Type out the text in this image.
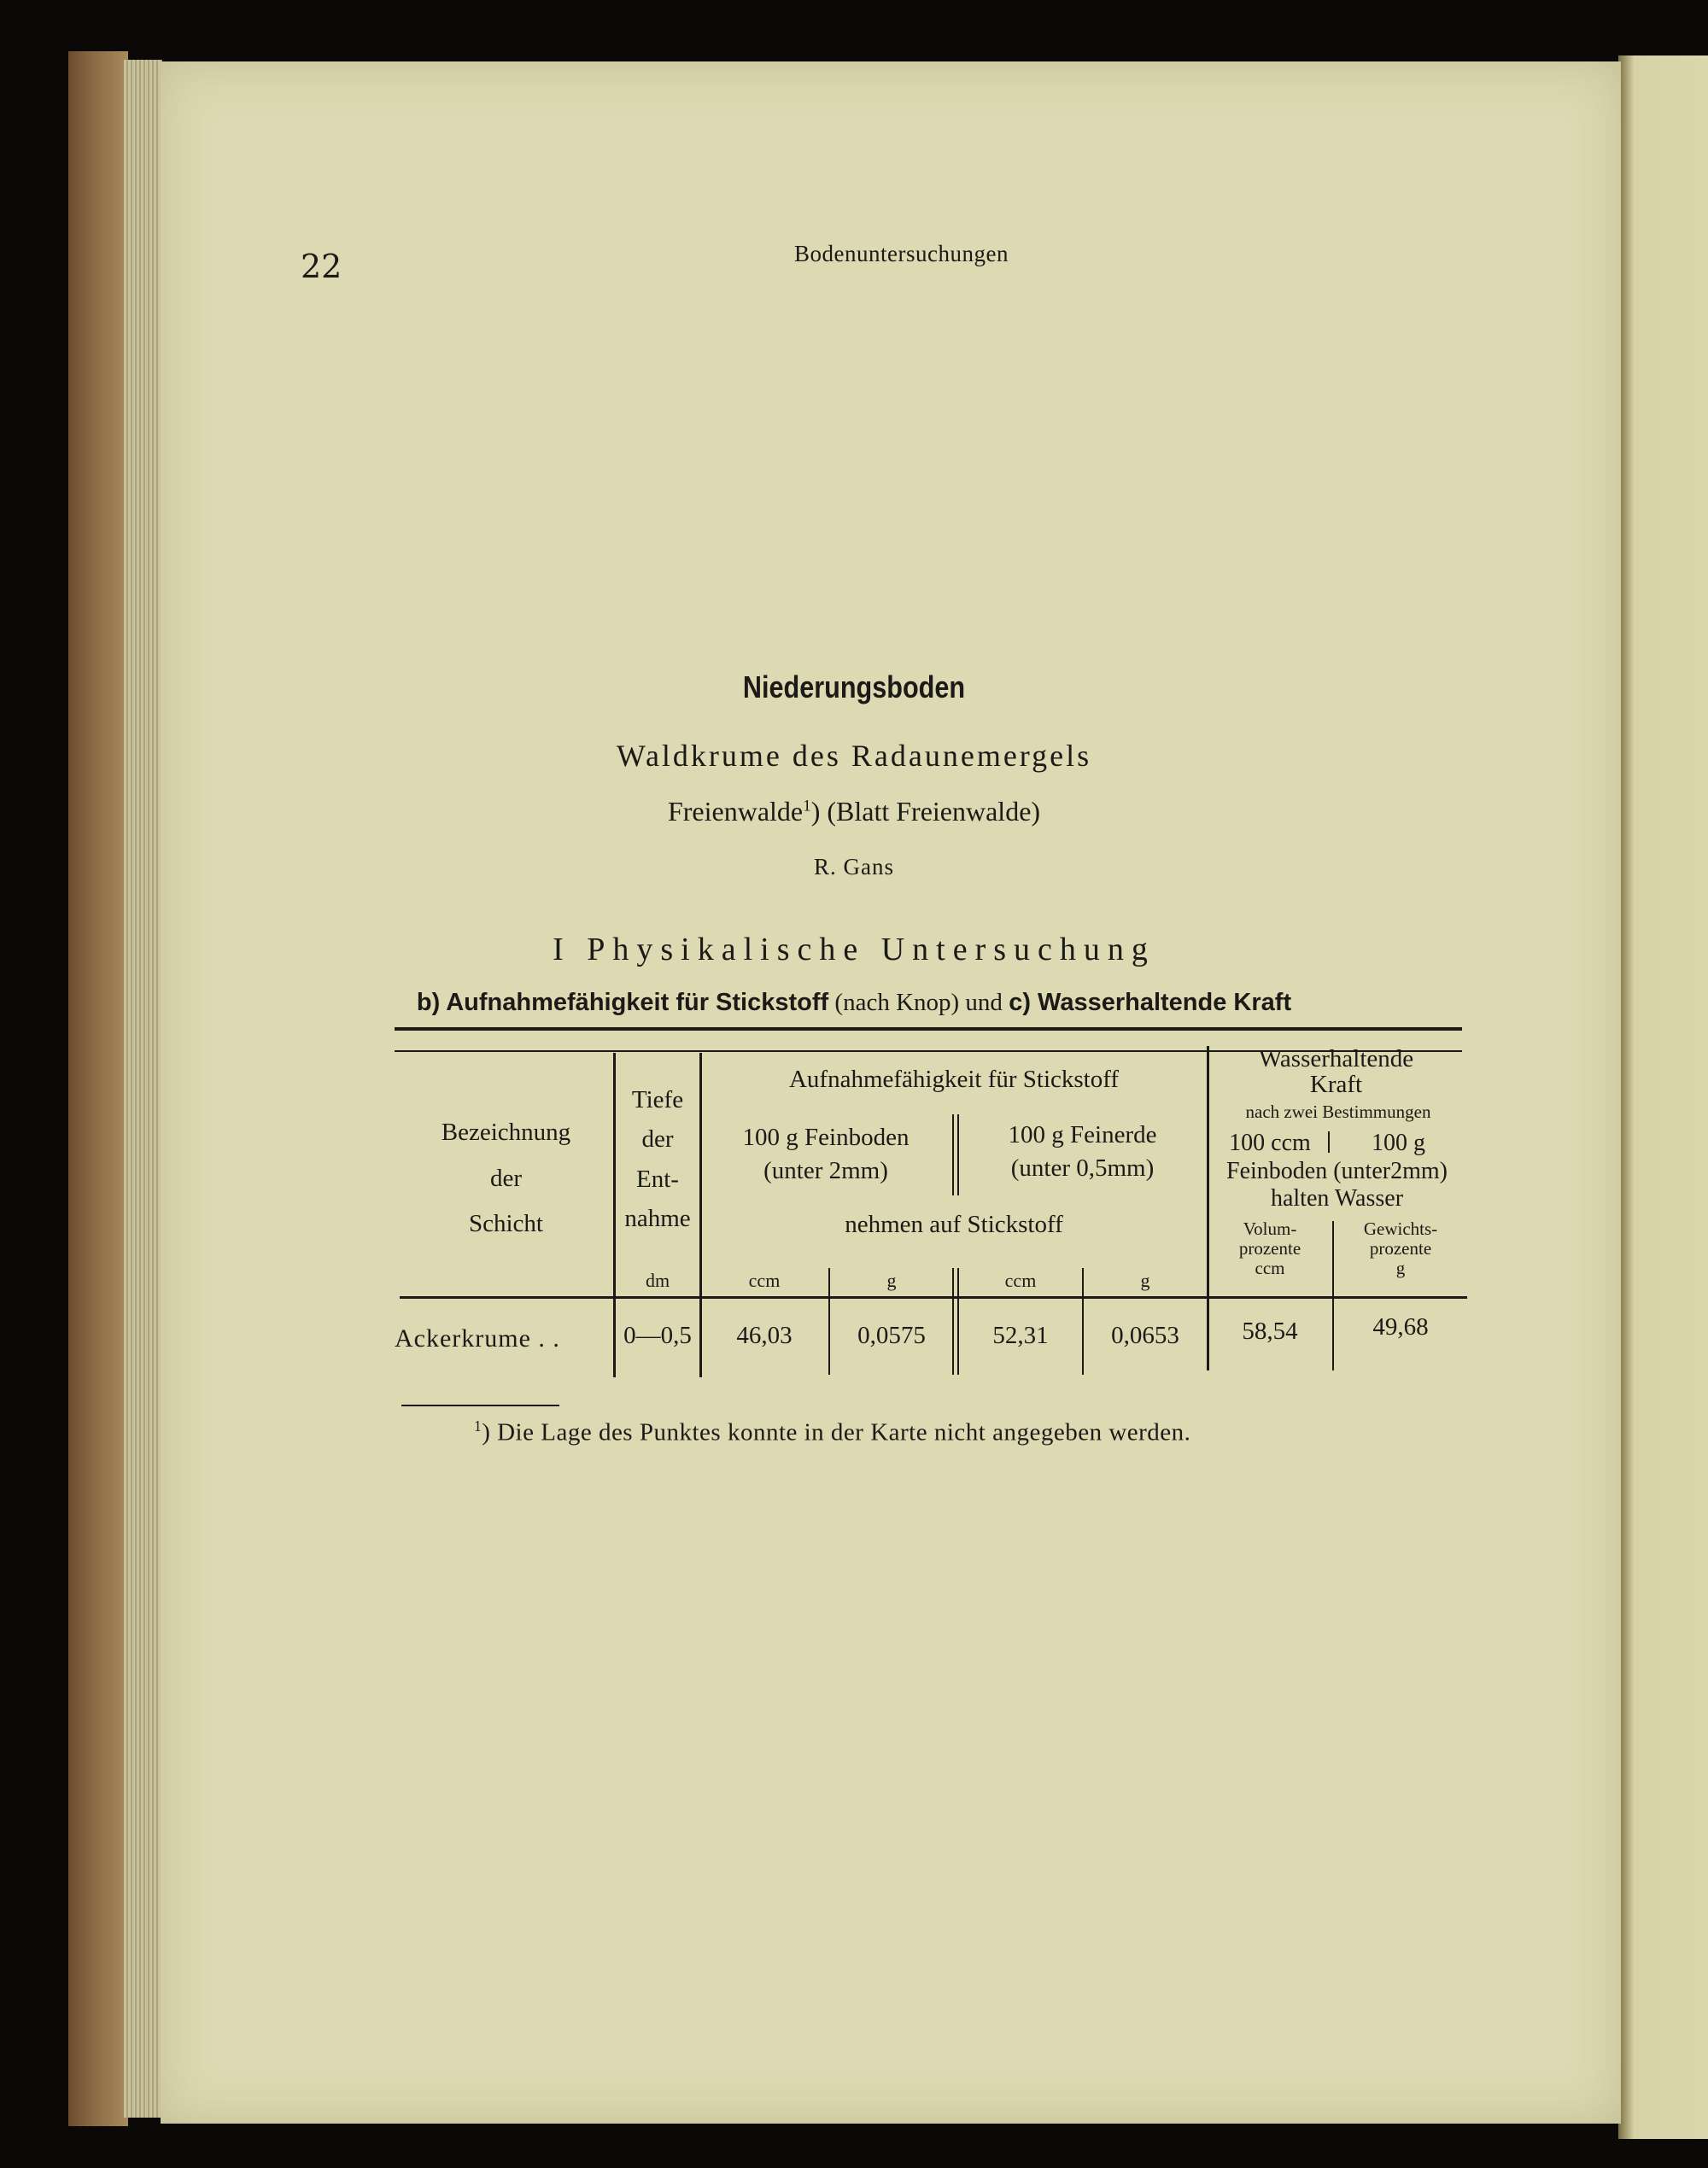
22	Bodenuntersuchungen
Niederungsboden
Waldkrume des Radaunemergels
Freienwalde$^1$) (Blatt Freienwalde)
R. Gans
I Physikalische Untersuchung
b) Aufnahmefähigkeit für Stickstoff (nach Knop) und c) Wasserhaltende Kraft
Bezeichnung
der
Schicht
Tiefe
der
Ent-
nahme
dm
Aufnahmefähigkeit für Stickstoff
100 g Feinboden
(unter 2mm)
100 g Feinerde
(unter 0,5mm)
nehmen auf Stickstoff
ccm	g	ccm	g
Wasserhaltende
Kraft
nach zwei Bestimmungen
100 ccm	100 g
Feinboden (unter2mm)
halten Wasser
Volum-
prozente
ccm
Gewichts-
prozente
g
Ackerkrume . .	0—0,5	46,03	0,0575	52,31	0,0653	58,54	49,68
$^1$) Die Lage des Punktes konnte in der Karte nicht angegeben werden.
